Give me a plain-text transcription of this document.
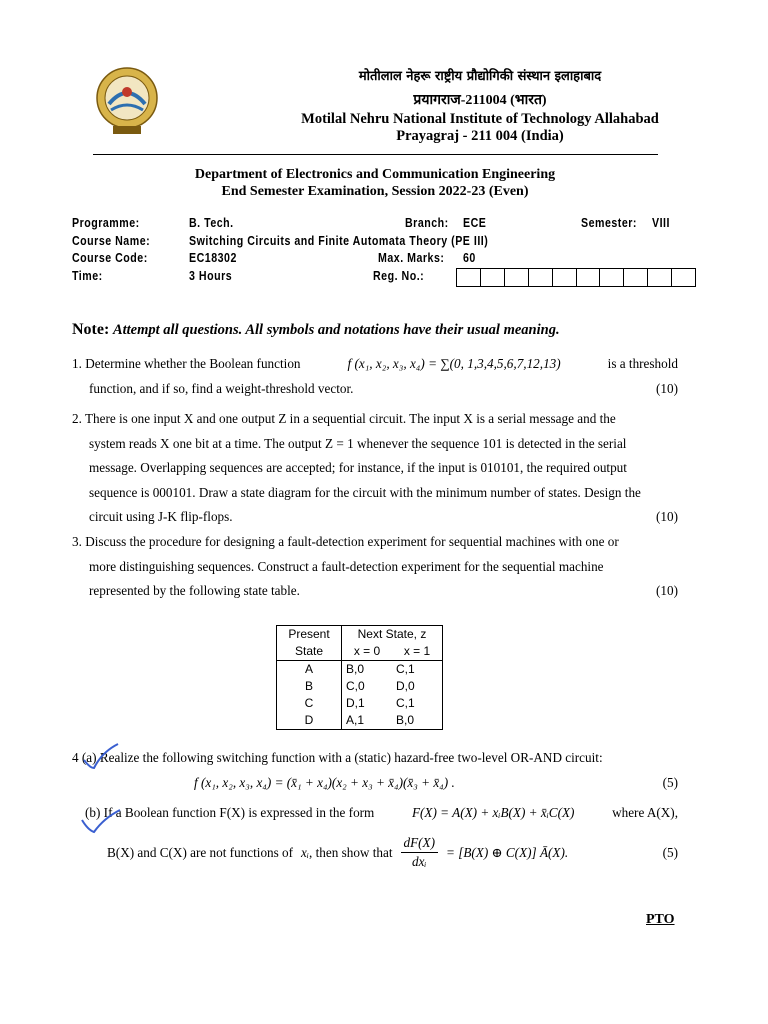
मोतीलाल नेहरू राष्ट्रीय प्रौद्योगिकी संस्थान इलाहाबाद
प्रयागराज-211004 (भारत)
Motilal Nehru National Institute of Technology Allahabad
Prayagraj - 211 004 (India)
Department of Electronics and Communication Engineering
End Semester Examination, Session 2022-23 (Even)
Programme:	B. Tech.	Branch: ECE	Semester: VIII
Course Name:	Switching Circuits and Finite Automata Theory (PE III)
Course Code:	EC18302	Max. Marks: 60
Time:	3 Hours	Reg. No.:
Note: Attempt all questions. All symbols and notations have their usual meaning.
1. Determine whether the Boolean function	f (x₁, x₂, x₃, x₄) = ∑(0, 1,3,4,5,6,7,12,13)	is a threshold
function, and if so, find a weight-threshold vector.	(10)
2. There is one input X and one output Z in a sequential circuit. The input X is a serial message and the
system reads X one bit at a time. The output Z = 1 whenever the sequence 101 is detected in the serial
message. Overlapping sequences are accepted; for instance, if the input is 010101, the required output
sequence is 000101. Draw a state diagram for the circuit with the minimum number of states. Design the
circuit using J-K flip-flops.	(10)
3. Discuss the procedure for designing a fault-detection experiment for sequential machines with one or
more distinguishing sequences. Construct a fault-detection experiment for the sequential machine
represented by the following state table.	(10)
Present	Next State, z	
State	x = 0	x = 1
A	B,0	C,1
B	C,0	D,0
C	D,1	C,1
D	A,1	B,0
4 (a) Realize the following switching function with a (static) hazard-free two-level OR-AND circuit:
f (x₁, x₂, x₃, x₄) = (x̄₁ + x₄)(x₂ + x₃ + x̄₄)(x̄₃ + x̄₄) .	(5)
(b) If a Boolean function F(X) is expressed in the form	F(X) = A(X) + xᵢB(X) + x̄ᵢC(X)	where A(X),
B(X) and C(X) are not functions of xᵢ , then show that
dF(X)
dxᵢ
= [B(X) ⊕ C(X)] Ā(X).	(5)
PTO
